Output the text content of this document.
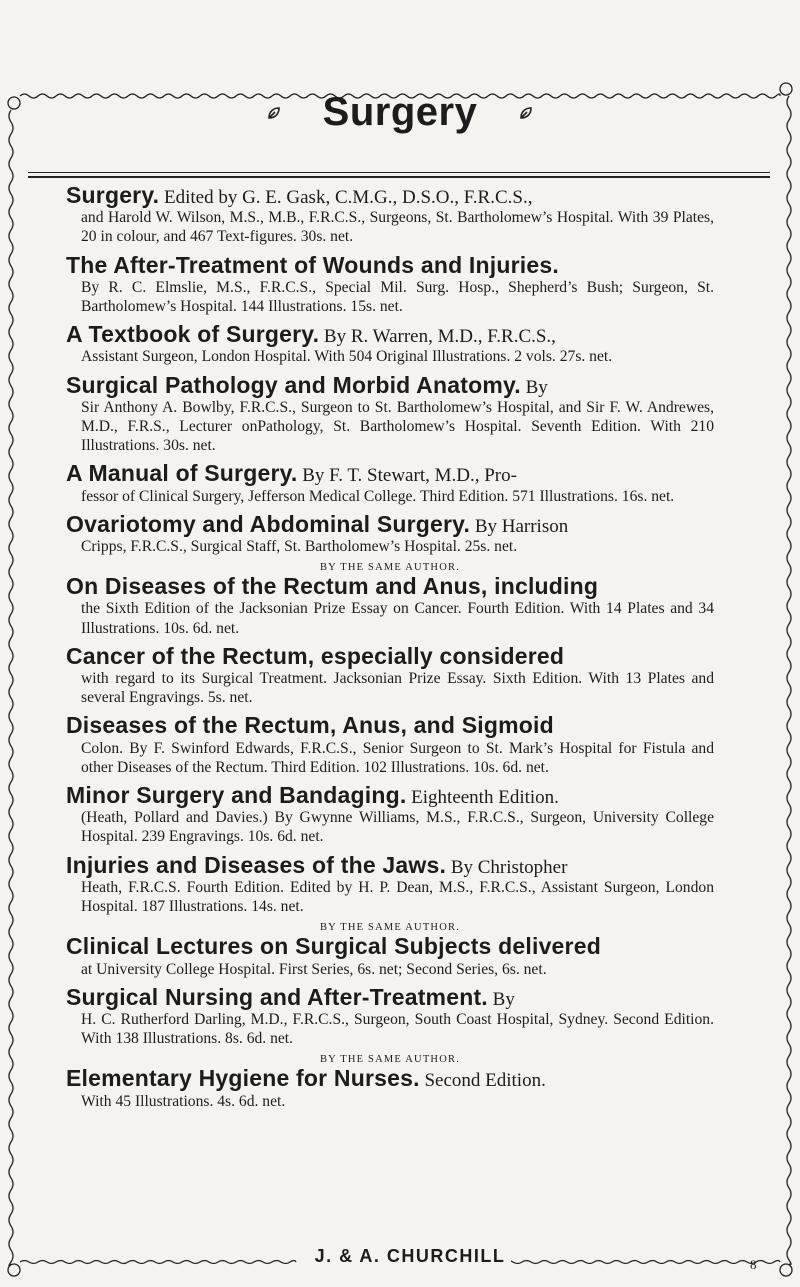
Surgery
Surgery. Edited by G. E. Gask, C.M.G., D.S.O., F.R.C.S.,
and Harold W. Wilson, M.S., M.B., F.R.C.S., Surgeons, St. Bartholomew’s Hospital. With 39 Plates, 20 in colour, and 467 Text-figures. 30s. net.
The After-Treatment of Wounds and Injuries.
By R. C. Elmslie, M.S., F.R.C.S., Special Mil. Surg. Hosp., Shepherd’s Bush; Surgeon, St. Bartholomew’s Hospital. 144 Illustrations. 15s. net.
A Textbook of Surgery. By R. Warren, M.D., F.R.C.S.,
Assistant Surgeon, London Hospital. With 504 Original Illustrations. 2 vols. 27s. net.
Surgical Pathology and Morbid Anatomy. By
Sir Anthony A. Bowlby, F.R.C.S., Surgeon to St. Bartholomew’s Hospital, and Sir F. W. Andrewes, M.D., F.R.S., Lecturer onPathology, St. Bartholomew’s Hospital. Seventh Edition. With 210 Illustrations. 30s. net.
A Manual of Surgery. By F. T. Stewart, M.D., Pro-
fessor of Clinical Surgery, Jefferson Medical College. Third Edition. 571 Illustrations. 16s. net.
Ovariotomy and Abdominal Surgery. By Harrison
Cripps, F.R.C.S., Surgical Staff, St. Bartholomew’s Hospital. 25s. net.
BY THE SAME AUTHOR.
On Diseases of the Rectum and Anus, including
the Sixth Edition of the Jacksonian Prize Essay on Cancer. Fourth Edition. With 14 Plates and 34 Illustrations. 10s. 6d. net.
Cancer of the Rectum, especially considered
with regard to its Surgical Treatment. Jacksonian Prize Essay. Sixth Edition. With 13 Plates and several Engravings. 5s. net.
Diseases of the Rectum, Anus, and Sigmoid
Colon. By F. Swinford Edwards, F.R.C.S., Senior Surgeon to St. Mark’s Hospital for Fistula and other Diseases of the Rectum. Third Edition. 102 Illustrations. 10s. 6d. net.
Minor Surgery and Bandaging. Eighteenth Edition.
(Heath, Pollard and Davies.) By Gwynne Williams, M.S., F.R.C.S., Surgeon, University College Hospital. 239 Engravings. 10s. 6d. net.
Injuries and Diseases of the Jaws. By Christopher
Heath, F.R.C.S. Fourth Edition. Edited by H. P. Dean, M.S., F.R.C.S., Assistant Surgeon, London Hospital. 187 Illustrations. 14s. net.
BY THE SAME AUTHOR.
Clinical Lectures on Surgical Subjects delivered
at University College Hospital. First Series, 6s. net; Second Series, 6s. net.
Surgical Nursing and After-Treatment. By
H. C. Rutherford Darling, M.D., F.R.C.S., Surgeon, South Coast Hospital, Sydney. Second Edition. With 138 Illustrations. 8s. 6d. net.
BY THE SAME AUTHOR.
Elementary Hygiene for Nurses. Second Edition.
With 45 Illustrations. 4s. 6d. net.
J. & A. CHURCHILL	8
